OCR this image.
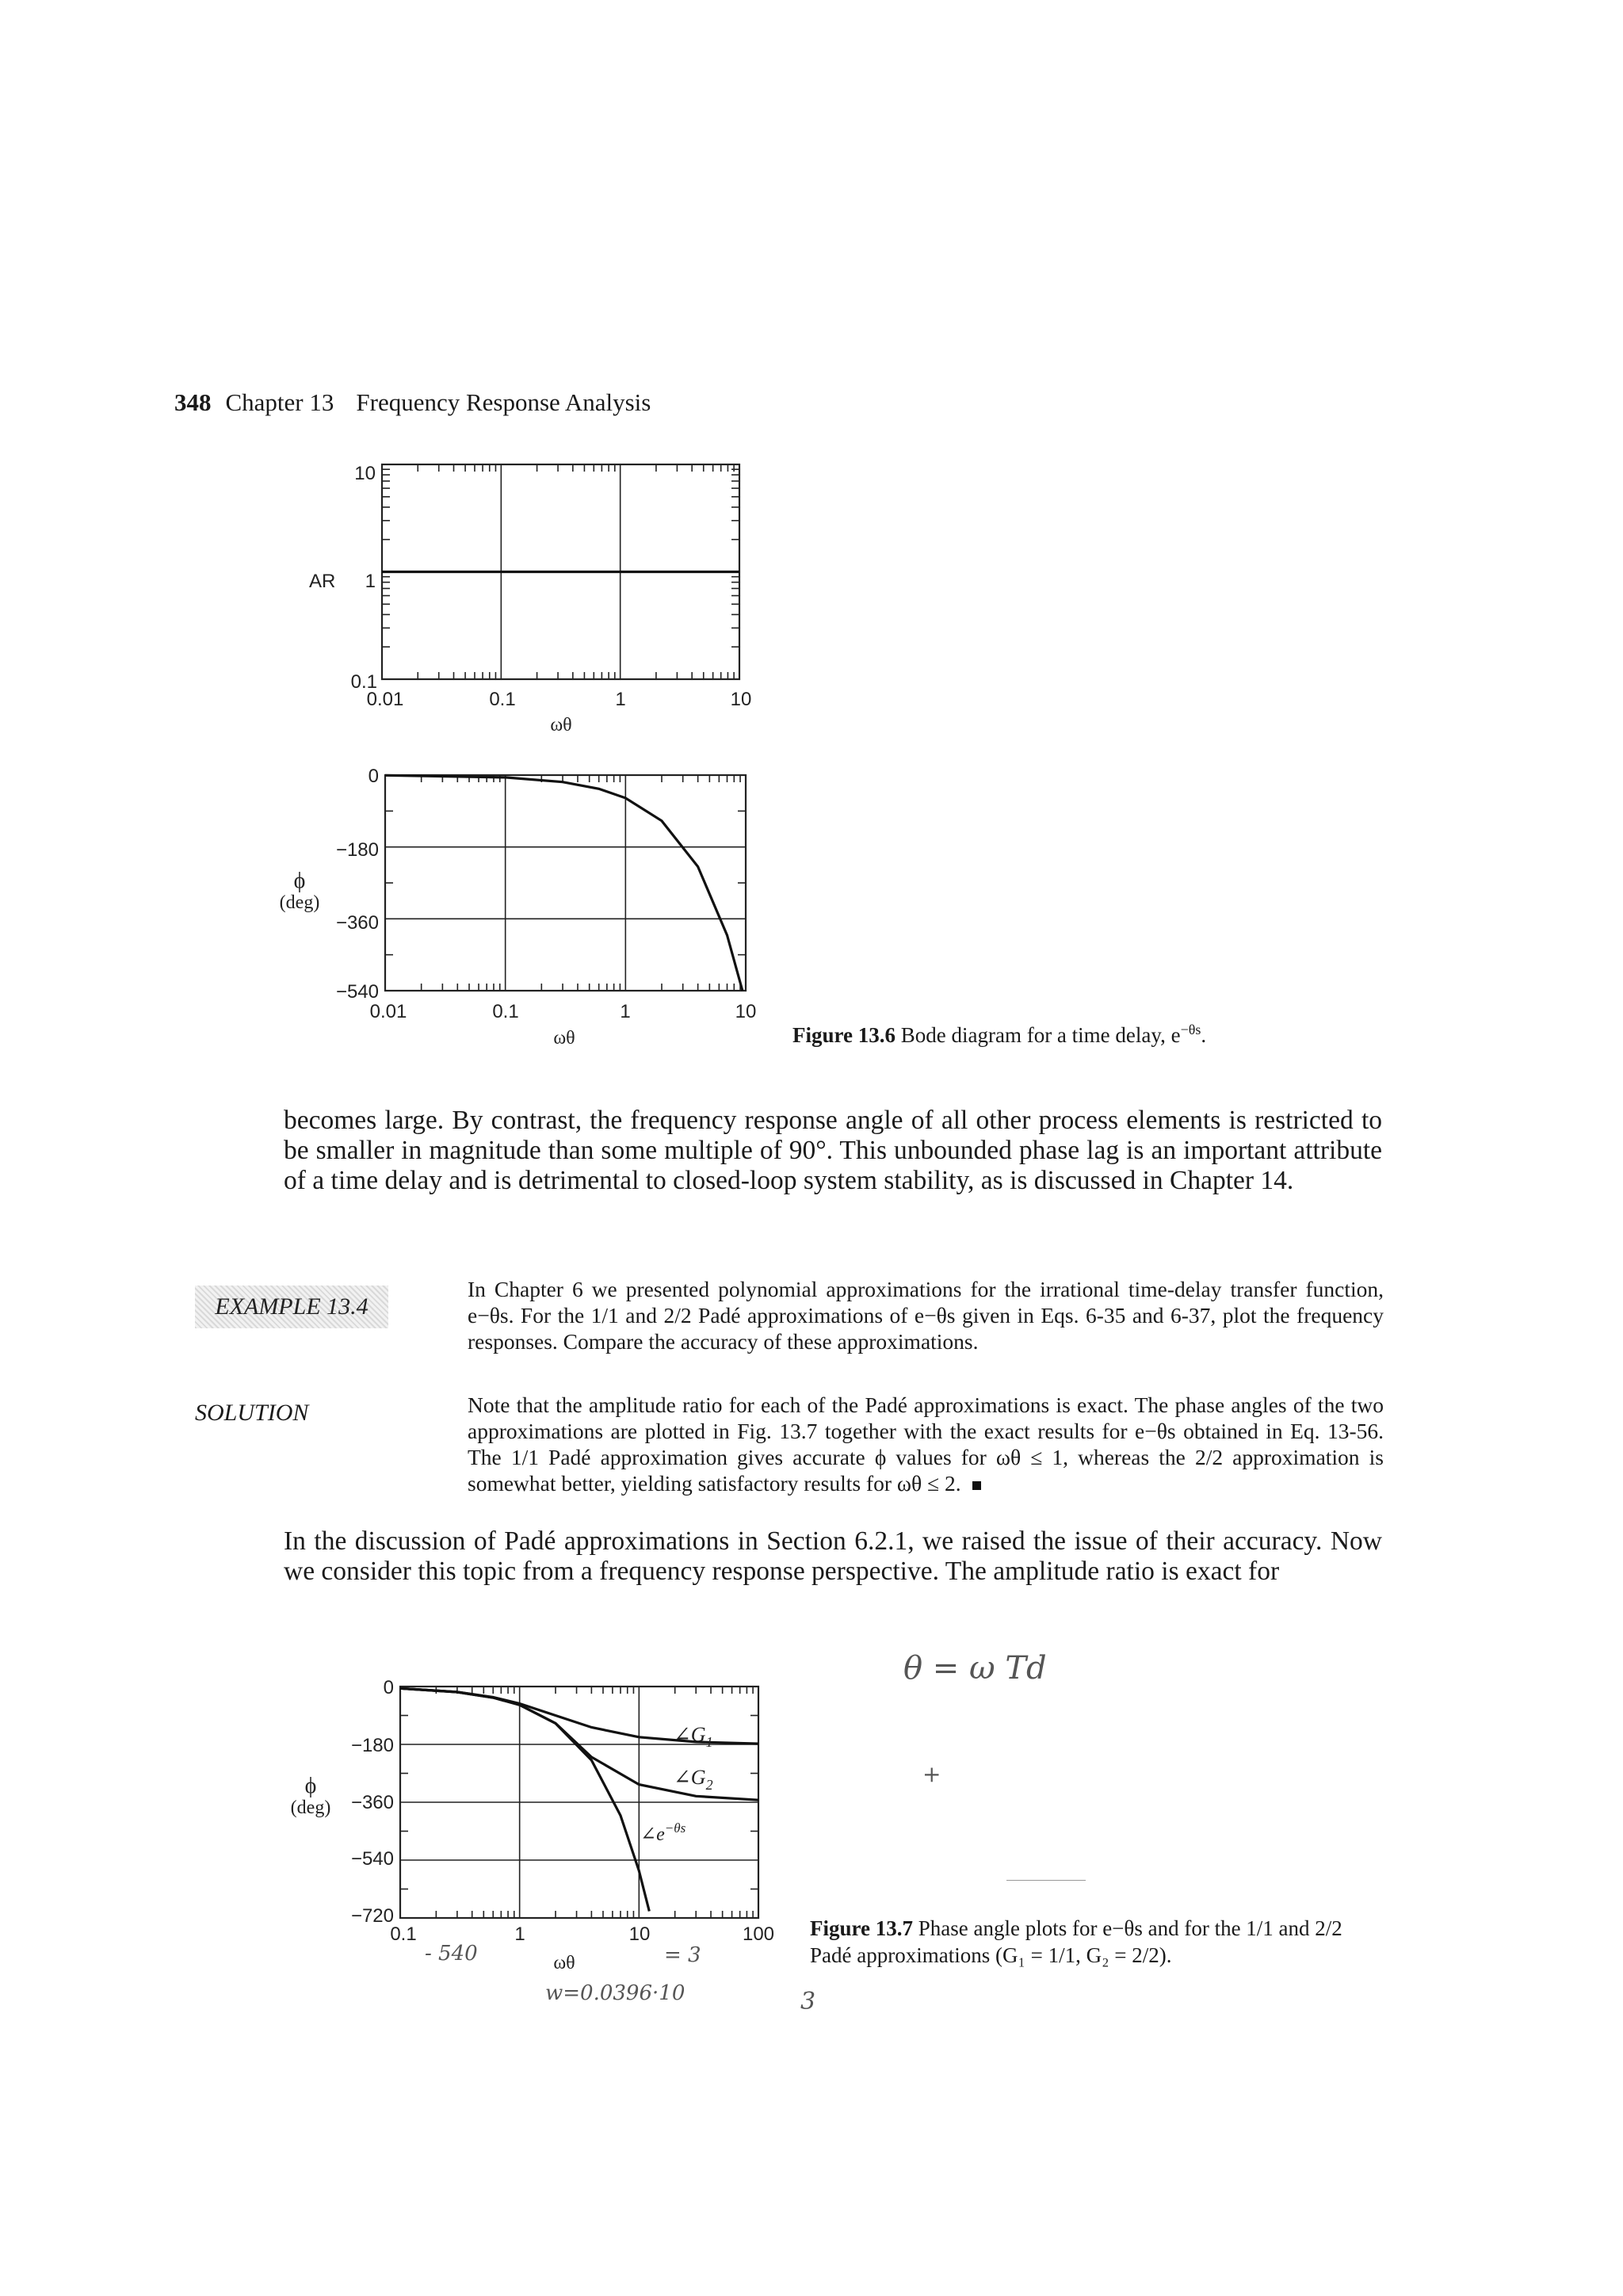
348 Chapter 13 Frequency Response Analysis
AR
10
1
0.1
0.01	0.1	1	10
ωθ
ϕ
(deg)
0
−180
−360
−540
0.01	0.1	1	10
ωθ	Figure 13.6 Bode diagram for a time delay, $e^{-\theta s}$.
becomes large. By contrast, the frequency response angle of all other process elements is restricted to be smaller in magnitude than some multiple of 90°. This unbounded phase lag is an important attribute of a time delay and is detrimental to closed-loop system stability, as is discussed in Chapter 14.
EXAMPLE 13.4
In Chapter 6 we presented polynomial approximations for the irrational time-delay transfer function, e−θs. For the 1/1 and 2/2 Padé approximations of e−θs given in Eqs. 6-35 and 6-37, plot the frequency responses. Compare the accuracy of these approximations.
SOLUTION	Note that the amplitude ratio for each of the Padé approximations is exact. The phase angles of the two approximations are plotted in Fig. 13.7 together with the exact results for e−θs obtained in Eq. 13-56. The 1/1 Padé approximation gives accurate ϕ values for ωθ ≤ 1, whereas the 2/2 approximation is somewhat better, yielding satisfactory results for ωθ ≤ 2.
In the discussion of Padé approximations in Section 6.2.1, we raised the issue of their accuracy. Now we consider this topic from a frequency response perspective. The amplitude ratio is exact for
ϕ
(deg)
0
−180
−360
−540
−720
0.1	1	10	100
ωθ
$\angle G_1$
$\angle G_2$
$\angle e^{-\theta s}$
Figure 13.7 Phase angle plots for e−θs and for the 1/1 and 2/2
Padé approximations (G₁ = 1/1, G₂ = 2/2).
θ = ω Td
+
- 540	= 3
w=0.0396·10	3
